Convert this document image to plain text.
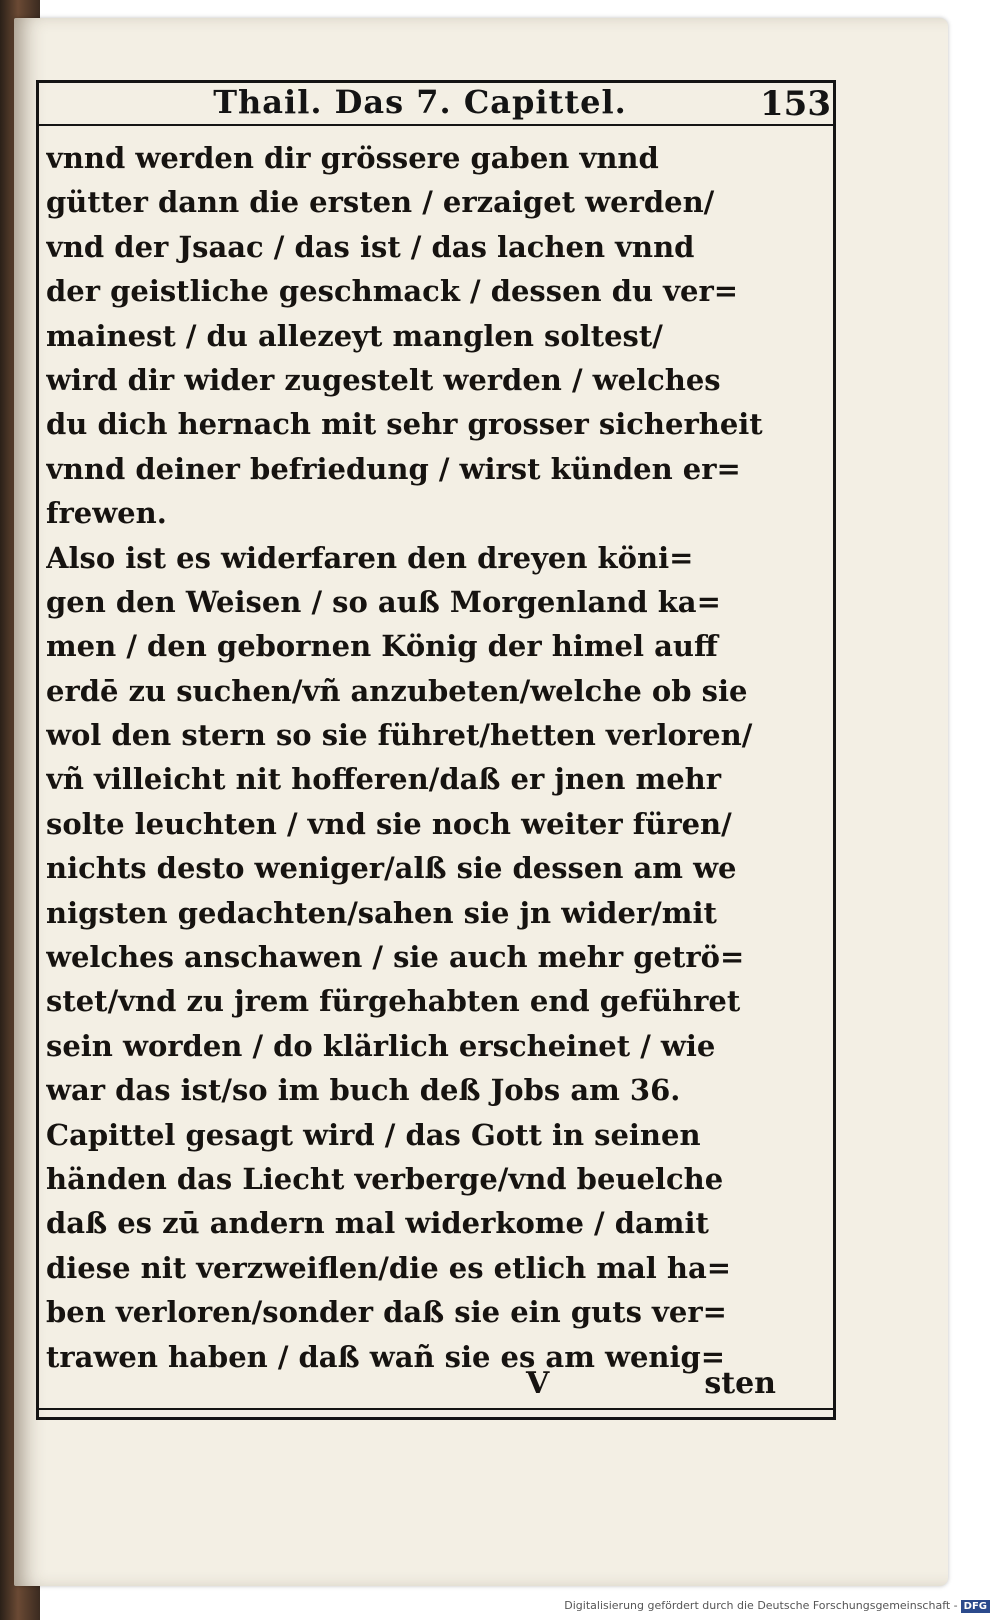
Thail. Das 7. Capittel.	153
vnnd werden dir grössere gaben vnnd
gütter dann die ersten / erzaiget werden/
vnd der Jsaac / das ist / das lachen vnnd
der geistliche geschmack / dessen du ver=
mainest / du allezeyt manglen soltest/
wird dir wider zugestelt werden / welches
du dich hernach mit sehr grosser sicherheit
vnnd deiner befriedung / wirst künden er=
frewen.
Also ist es widerfaren den dreyen köni=
gen den Weisen / so auß Morgenland ka=
men / den gebornen König der himel auff
erdē zu suchen/vñ anzubeten/welche ob sie
wol den stern so sie führet/hetten verloren/
vñ villeicht nit hofferen/daß er jnen mehr
solte leuchten / vnd sie noch weiter füren/
nichts desto weniger/alß sie dessen am we
nigsten gedachten/sahen sie jn wider/mit
welches anschawen / sie auch mehr getrö=
stet/vnd zu jrem fürgehabten end geführet
sein worden / do klärlich erscheinet / wie
war das ist/so im buch deß Jobs am 36.
Capittel gesagt wird / das Gott in seinen
händen das Liecht verberge/vnd beuelche
daß es zū andern mal widerkome / damit
diese nit verzweiflen/die es etlich mal ha=
ben verloren/sonder daß sie ein guts ver=
trawen haben / daß wañ sie es am wenig=
V	sten
Digitalisierung gefördert durch die Deutsche Forschungsgemeinschaft - DFG
